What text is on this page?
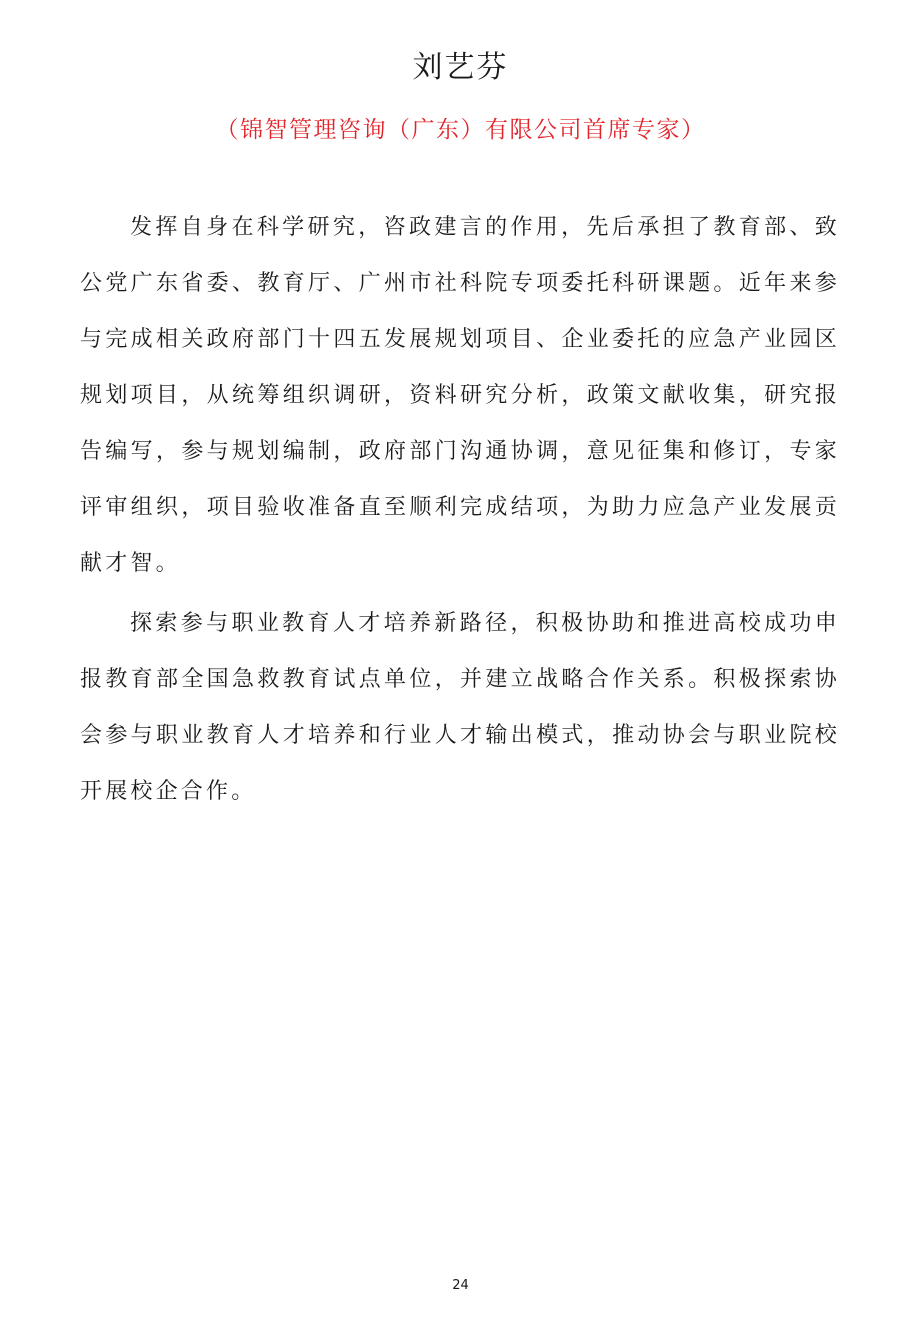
刘艺芬
（锦智管理咨询（广东）有限公司首席专家）

发挥自身在科学研究，咨政建言的作用，先后承担了教育部、致公党广东省委、教育厅、广州市社科院专项委托科研课题。近年来参与完成相关政府部门十四五发展规划项目、企业委托的应急产业园区规划项目，从统筹组织调研，资料研究分析，政策文献收集，研究报告编写，参与规划编制，政府部门沟通协调，意见征集和修订，专家评审组织，项目验收准备直至顺利完成结项，为助力应急产业发展贡献才智。

探索参与职业教育人才培养新路径，积极协助和推进高校成功申报教育部全国急救教育试点单位，并建立战略合作关系。积极探索协会参与职业教育人才培养和行业人才输出模式，推动协会与职业院校开展校企合作。

24
